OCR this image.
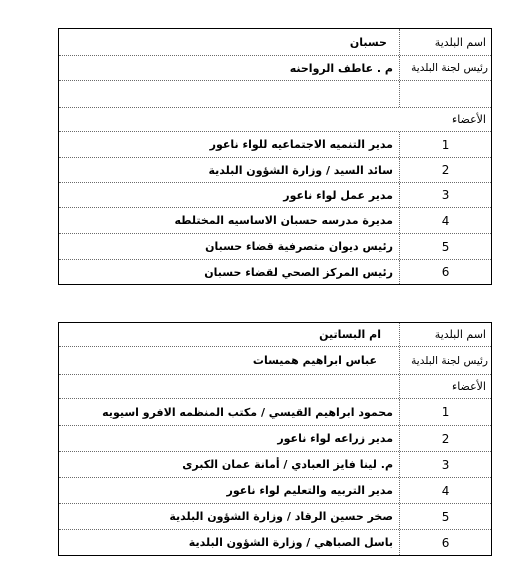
اسم البلدية
حسبان
رئيس لجنة البلدية
م . عاطف الرواحنه
الأعضاء
1
مدير التنميه الاجتماعيه للواء ناعور
2
سائد السيد / وزارة الشؤون البلدية
3
مدير عمل لواء ناعور
4
مديرة مدرسه حسبان الاساسيه المختلطه
5
رئيس ديوان متصرفية قضاء حسبان
6
رئيس المركز الصحي لقضاء حسبان
اسم البلدية
ام البساتين
رئيس لجنة البلدية
عباس ابراهيم هميسات
الأعضاء
1
محمود ابراهيم القيسي / مكتب المنظمه الافرو اسيويه
2
مدير زراعه لواء ناعور
3
م. لينا فايز العبادي / أمانة عمان الكبرى
4
مدير التربيه والتعليم لواء ناعور
5
صخر حسين الرقاد / وزارة الشؤون البلدية
6
باسل الصباهي / وزارة الشؤون البلدية
